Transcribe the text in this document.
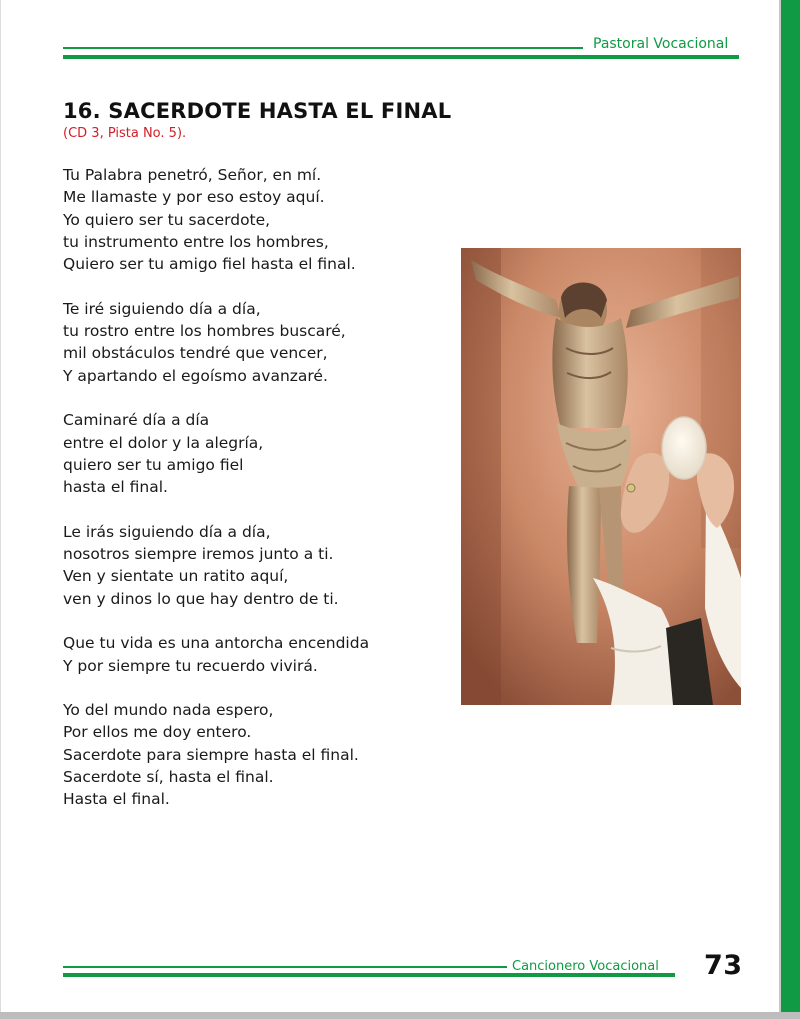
Pastoral Vocacional
16. SACERDOTE HASTA EL FINAL
(CD 3, Pista No. 5).
Tu Palabra penetró, Señor, en mí.
Me llamaste y por eso estoy aquí.
Yo quiero ser tu sacerdote,
tu instrumento entre los hombres,
Quiero ser tu amigo fiel hasta el final.
Te iré siguiendo día a día,
tu rostro entre los hombres buscaré,
mil obstáculos tendré que vencer,
Y apartando el egoísmo avanzaré.
Caminaré día a día
entre el dolor y la alegría,
quiero ser tu amigo fiel
hasta el final.
Le irás siguiendo día a día,
nosotros siempre iremos junto a ti.
Ven y sientate un ratito aquí,
ven y dinos lo que hay dentro de ti.
Que tu vida es una antorcha encendida
Y por siempre tu recuerdo vivirá.
Yo del mundo nada espero,
Por ellos me doy entero.
Sacerdote para siempre hasta el final.
Sacerdote sí, hasta el final.
Hasta el final.
Cancionero Vocacional 73
